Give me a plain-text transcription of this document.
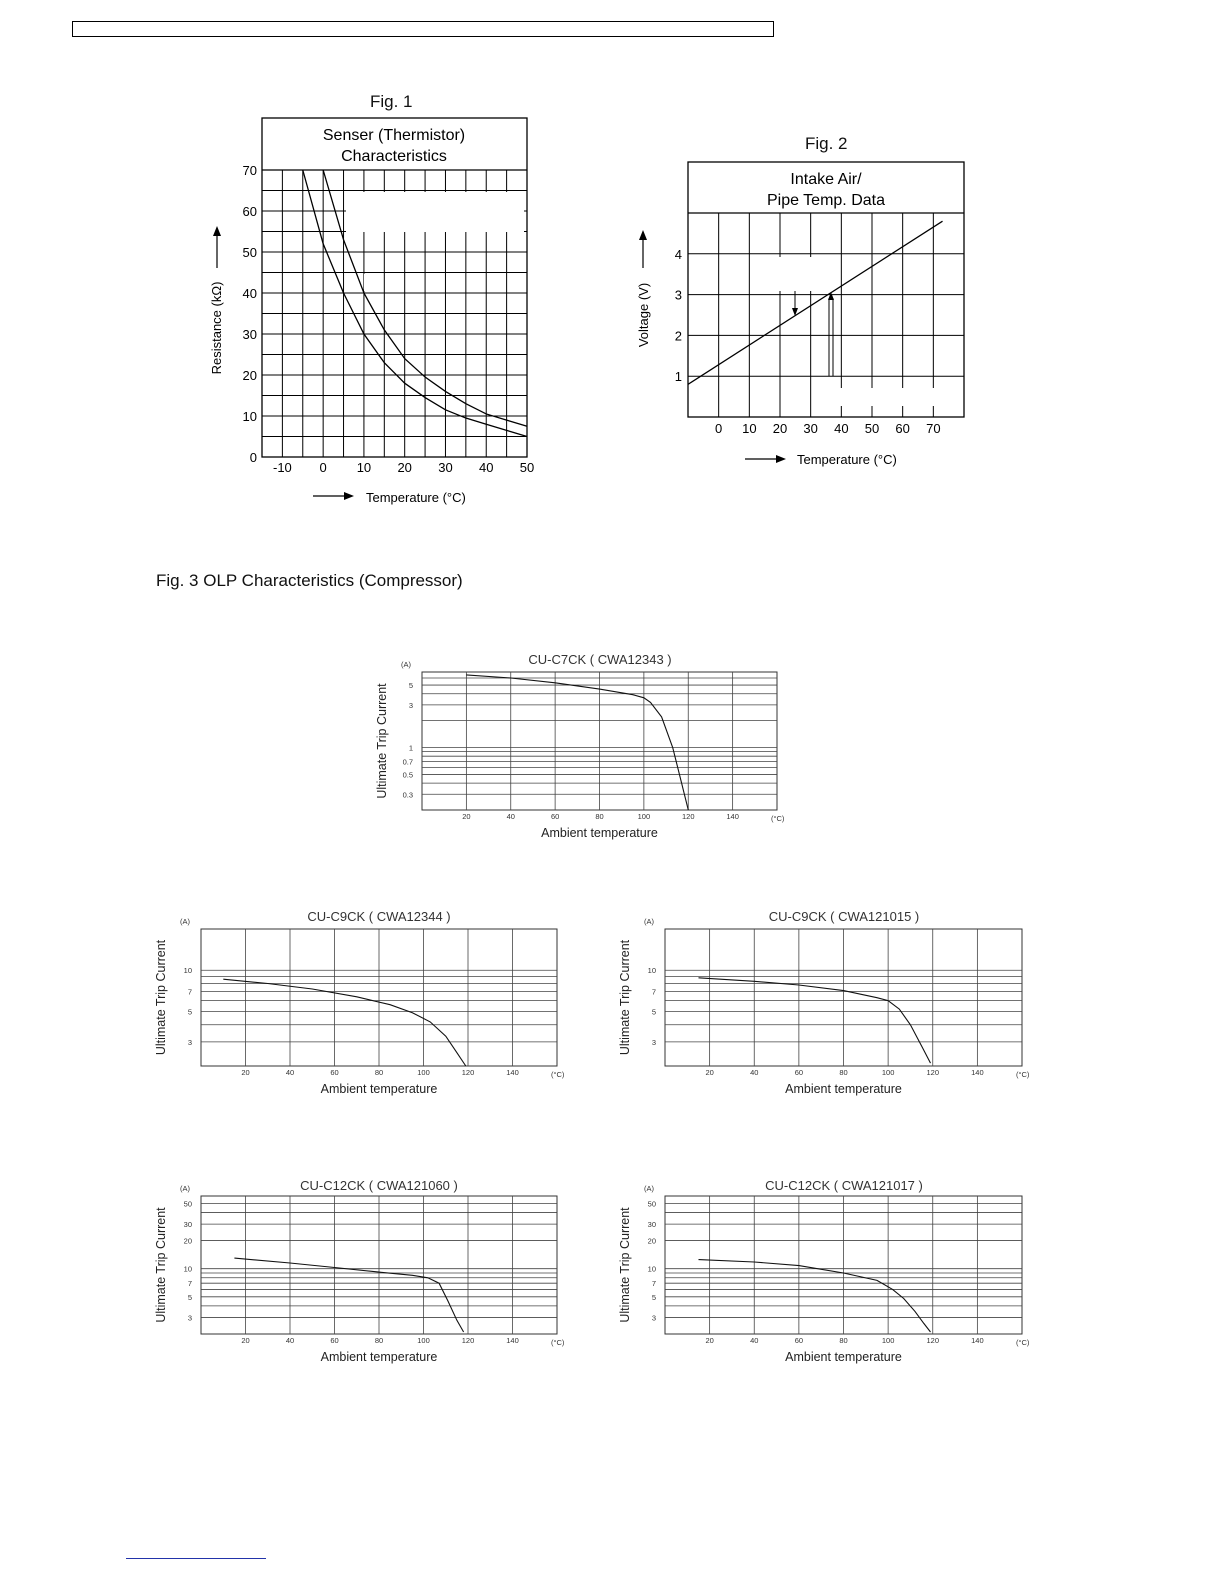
Fig. 1
Fig. 2
Fig. 3 OLP Characteristics (Compressor)
Senser (Thermistor)
Characteristics
Resistance (kΩ)
Temperature (°C)
Intake Air/
Pipe Temp. Data
Voltage (V)
Temperature (°C)
0
10
20
30
40
50
60
70
-10 0 10 20 30 40 50
1
2
3
4
0 10 20 30 40 50 60 70
CU-C7CK ( CWA12343 )
0.3
0.5
0.7
1
3
5
20	40	60	80	100	120	140
(A)
(°C)
Ambient temperature
Ultimate Trip Current
CU-C9CK ( CWA12344 )
3
5
7
10
20	40	60	80	100	120	140
(A)
(°C)
Ambient temperature
Ultimate Trip Current
CU-C9CK ( CWA121015 )
3
5
7
10
20	40	60	80	100	120	140
(A)
(°C)
Ambient temperature
Ultimate Trip Current
CU-C12CK ( CWA121060 )
3
5
7
10
20
30
50
20	40	60	80	100	120	140
(A)
(°C)
Ambient temperature
Ultimate Trip Current
CU-C12CK ( CWA121017 )
3
5
7
10
20
30
50
20	40	60	80	100	120	140
(A)
(°C)
Ambient temperature
Ultimate Trip Current
